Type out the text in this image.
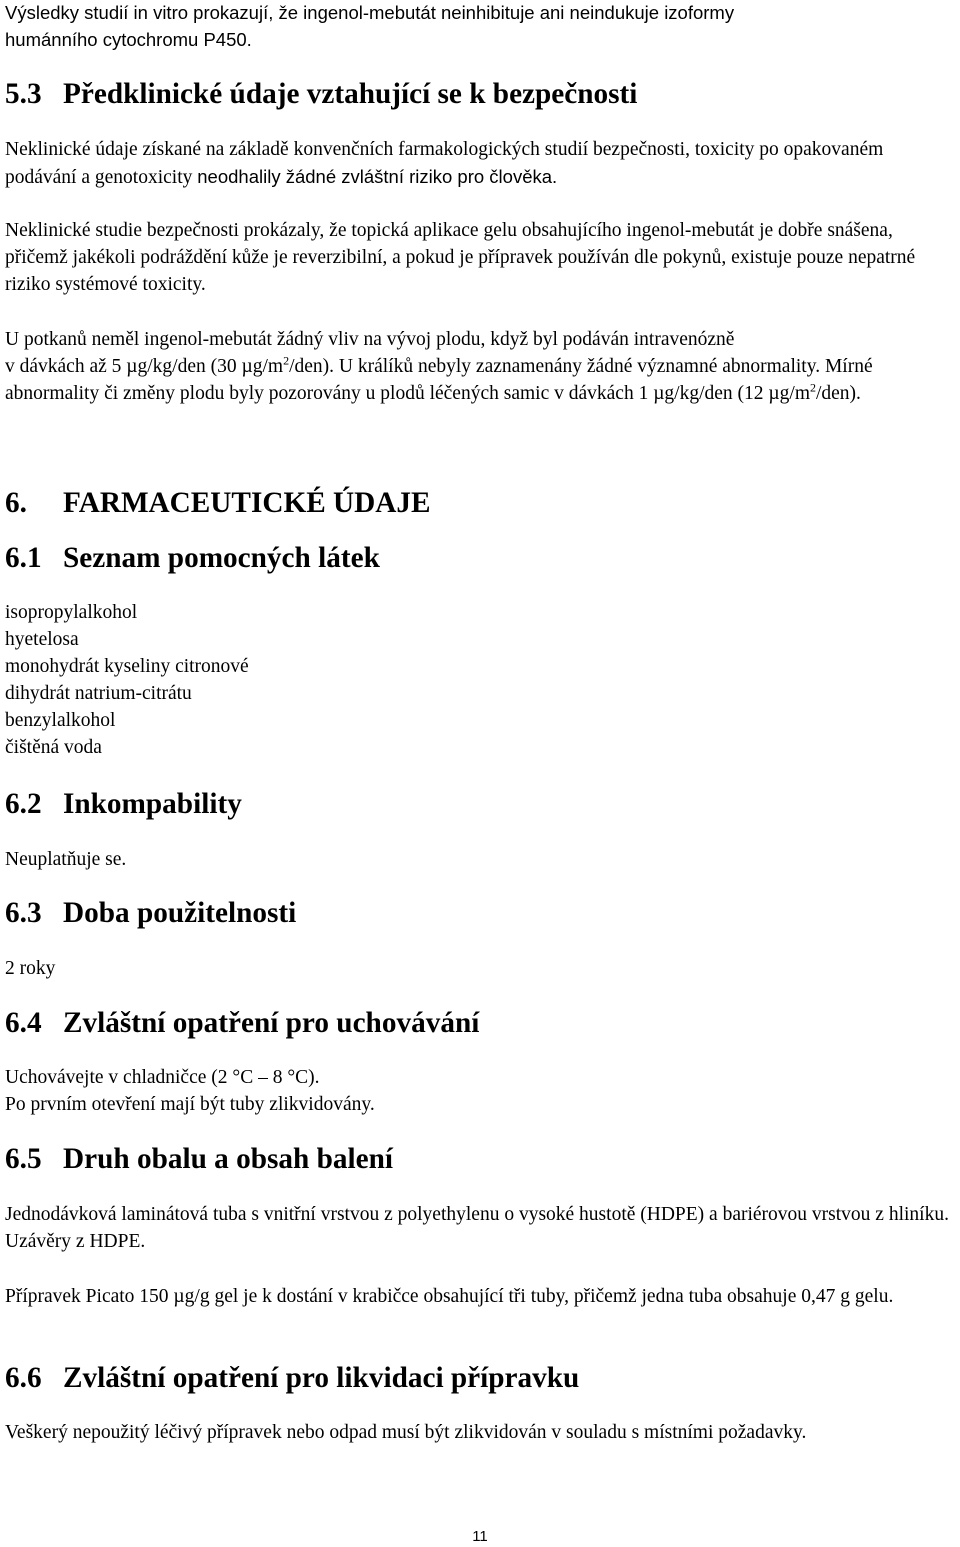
Výsledky studií in vitro prokazují, že ingenol-mebutát neinhibituje ani neindukuje izoformy
humánního cytochromu P450.

5.3 Předklinické údaje vztahující se k bezpečnosti

Neklinické údaje získané na základě konvenčních farmakologických studií bezpečnosti, toxicity po opakovaném podávání a genotoxicity neodhalily žádné zvláštní riziko pro člověka.

Neklinické studie bezpečnosti prokázaly, že topická aplikace gelu obsahujícího ingenol-mebutát je dobře snášena, přičemž jakékoli podráždění kůže je reverzibilní, a pokud je přípravek používán dle pokynů, existuje pouze nepatrné riziko systémové toxicity.

U potkanů neměl ingenol-mebutát žádný vliv na vývoj plodu, když byl podáván intravenózně
v dávkách až 5 µg/kg/den (30 $\mu g/m^2/den$). U králíků nebyly zaznamenány žádné významné abnormality. Mírné abnormality či změny plodu byly pozorovány u plodů léčených samic v dávkách 1 µg/kg/den (12 $\mu g/m^2/den$).

6. FARMACEUTICKÉ ÚDAJE
6.1 Seznam pomocných látek
isopropylalkohol
hyetelosa
monohydrát kyseliny citronové
dihydrát natrium-citrátu
benzylalkohol
čištěná voda
6.2 Inkompability

Neuplatňuje se.

6.3 Doba použitelnosti

2 roky

6.4 Zvláštní opatření pro uchovávání

Uchovávejte v chladničce (2 °C – 8 °C).
Po prvním otevření mají být tuby zlikvidovány.

6.5 Druh obalu a obsah balení

Jednodávková laminátová tuba s vnitřní vrstvou z polyethylenu o vysoké hustotě (HDPE) a bariérovou vrstvou z hliníku. Uzávěry z HDPE.

Přípravek Picato 150 µg/g gel je k dostání v krabičce obsahující tři tuby, přičemž jedna tuba obsahuje 0,47 g gelu.

6.6 Zvláštní opatření pro likvidaci přípravku

Veškerý nepoužitý léčivý přípravek nebo odpad musí být zlikvidován v souladu s místními požadavky.

11
